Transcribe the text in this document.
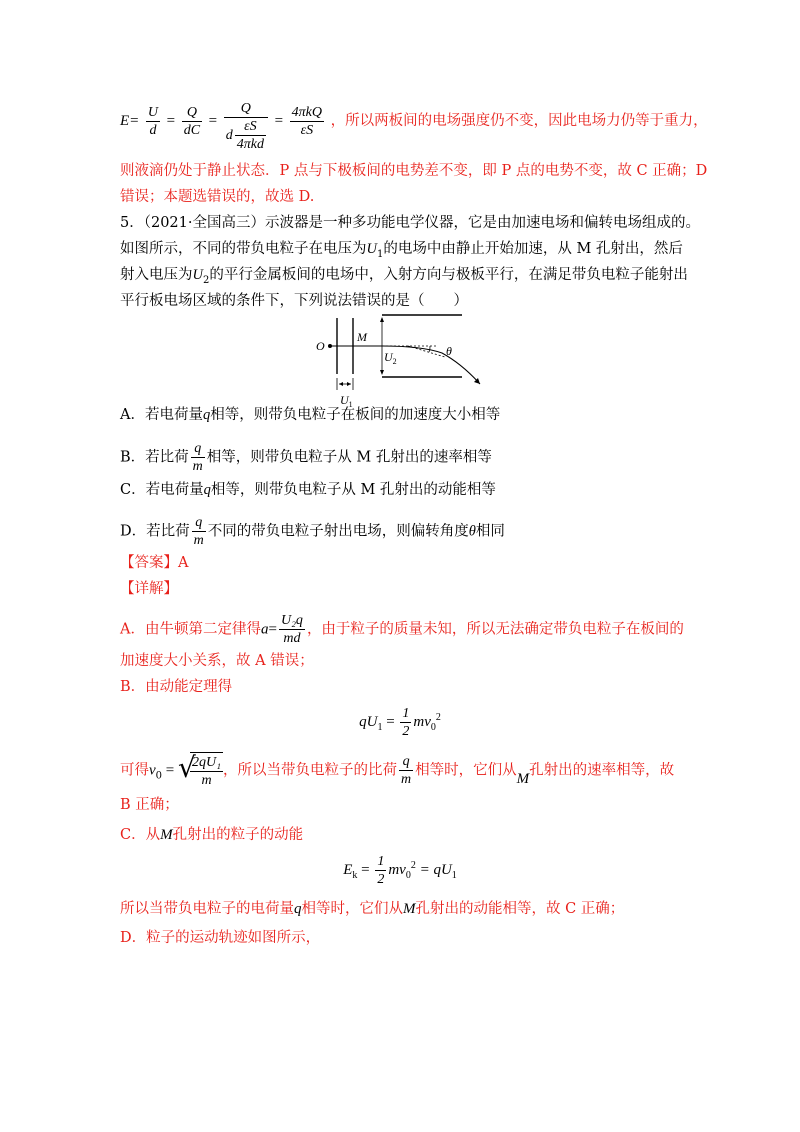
$E= \frac{U}{d} = \frac{Q}{dC} = \frac{Q}{d \frac{\varepsilon S}{\text{4πkd}}} = \frac{\text{4πkQ}}{\varepsilon S}$ ，所以两板间的电场强度仍不变，因此电场力仍等于重力，
则液滴仍处于静止状态．P 点与下极板间的电势差不变，即 P 点的电势不变，故 C 正确；D
错误；本题选错误的，故选 D.
5．（2021·全国高三）示波器是一种多功能电学仪器，它是由加速电场和偏转电场组成的。
如图所示，不同的带负电粒子在电压为$U_1$的电场中由静止开始加速，从 M 孔射出，然后
射入电压为$U_2$的平行金属板间的电场中，入射方向与极板平行，在满足带负电粒子能射出
平行板电场区域的条件下，下列说法错误的是（　　）
O
M
$U_2$
$U_1$
θ
A．若电荷量q相等，则带负电粒子在板间的加速度大小相等
B．若比荷 $\frac{q}{m}$ 相等，则带负电粒子从 M 孔射出的速率相等
C．若电荷量q相等，则带负电粒子从 M 孔射出的动能相等
D．若比荷 $\frac{q}{m}$ 不同的带负电粒子射出电场，则偏转角度θ相同
【答案】A
【详解】
A．由牛顿第二定律得$a= \frac{\text{U₂q}}{md}$ ，由于粒子的质量未知，所以无法确定带负电粒子在板间的
加速度大小关系，故 A 错误；
B．由动能定理得
$qU_1 = \frac{1}{2} mv_0^2$
可得$v_0$ = √
$\frac{\text{2qU₁}}{m}$ ，所以当带负电粒子的比荷 $\frac{q}{m}$ 相等时，它们从M孔射出的速率相等，故
B 正确；
C．从M孔射出的粒子的动能
$E_k = \frac{1}{2} mv_0^2 = qU_1$
所以当带负电粒子的电荷量q相等时，它们从M孔射出的动能相等，故 C 正确；
D．粒子的运动轨迹如图所示，
